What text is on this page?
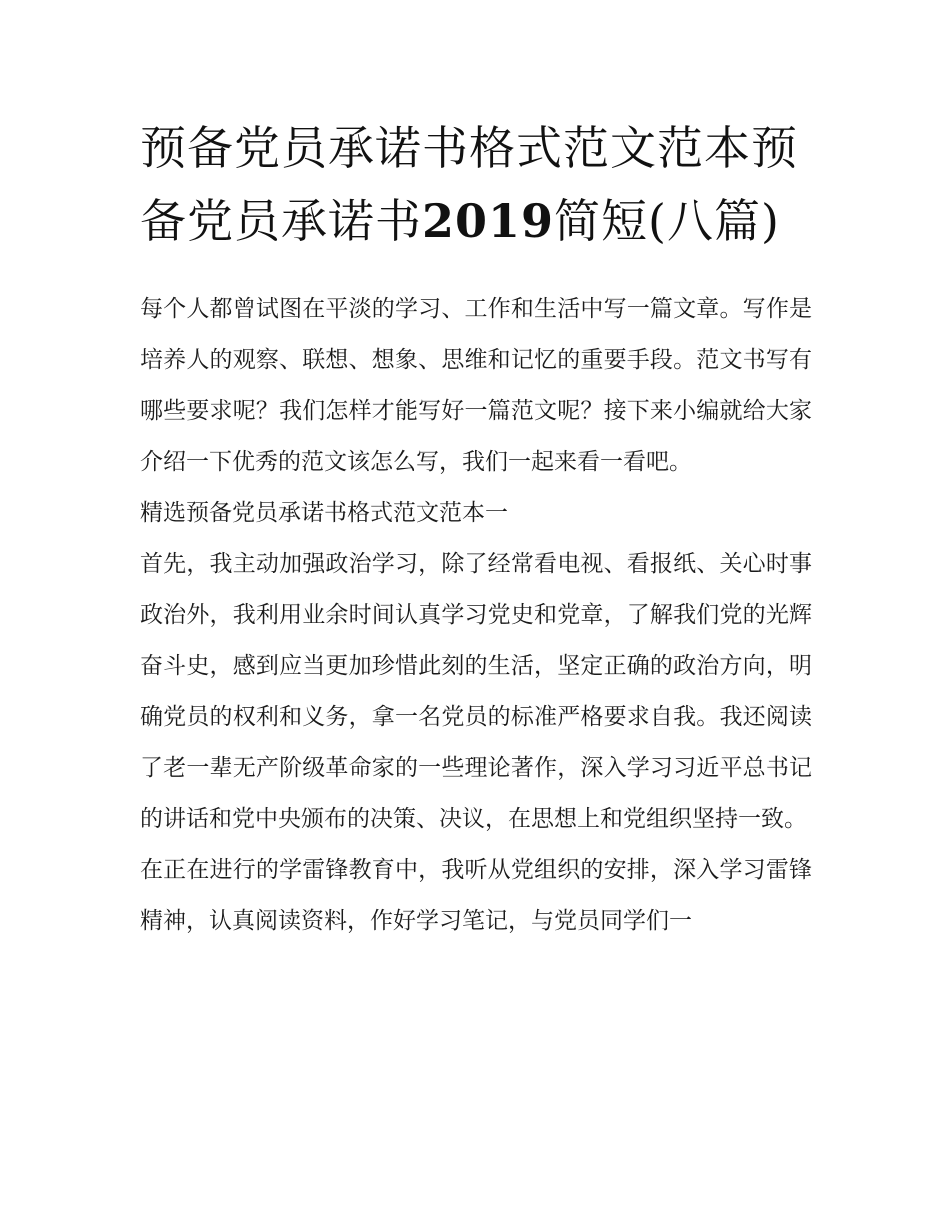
预备党员承诺书格式范文范本预备党员承诺书2019简短(八篇)

每个人都曾试图在平淡的学习、工作和生活中写一篇文章。写作是培养人的观察、联想、想象、思维和记忆的重要手段。范文书写有哪些要求呢？我们怎样才能写好一篇范文呢？接下来小编就给大家介绍一下优秀的范文该怎么写，我们一起来看一看吧。

精选预备党员承诺书格式范文范本一

首先，我主动加强政治学习，除了经常看电视、看报纸、关心时事政治外，我利用业余时间认真学习党史和党章，了解我们党的光辉奋斗史，感到应当更加珍惜此刻的生活，坚定正确的政治方向，明确党员的权利和义务，拿一名党员的标准严格要求自我。我还阅读了老一辈无产阶级革命家的一些理论著作，深入学习习近平总书记的讲话和党中央颁布的决策、决议，在思想上和党组织坚持一致。

在正在进行的学雷锋教育中，我听从党组织的安排，深入学习雷锋精神，认真阅读资料，作好学习笔记，与党员同学们一
